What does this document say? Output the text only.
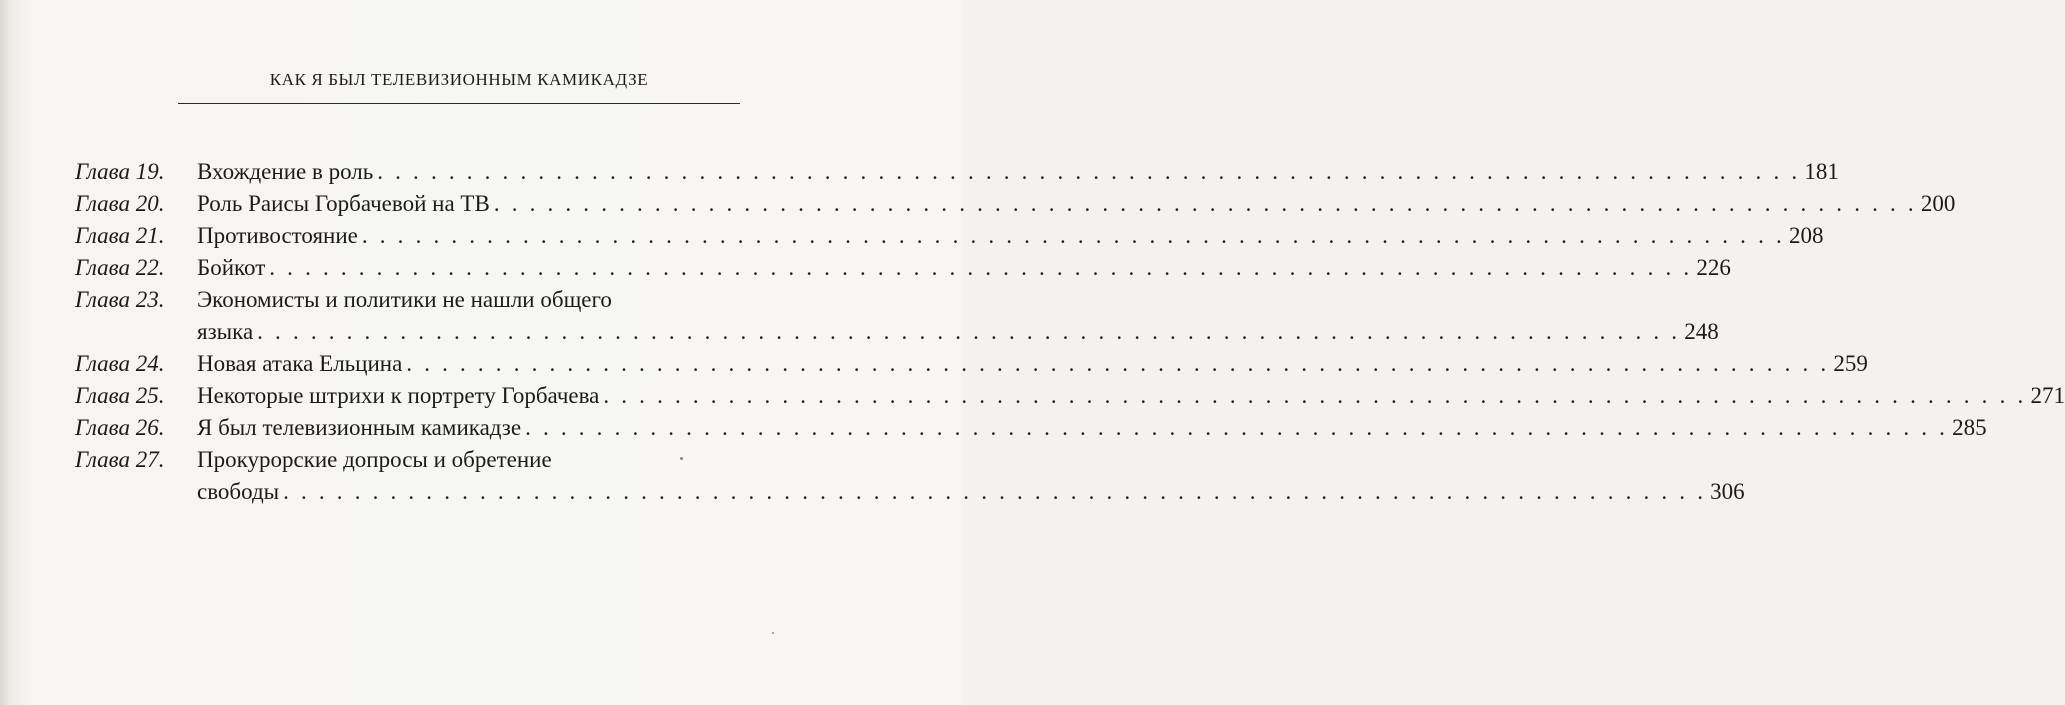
КАК Я БЫЛ ТЕЛЕВИЗИОННЫМ КАМИКАДЗЕ
Глава 19.	Вхождение в роль . . . . . . . . . . . . . . . . . . . . . . . . . . . . . . . . . . . . . . . . . . . . . . . . . . . . . . . . . . . . . . . . . . . . . . . . . . . . . . . . 181
Глава 20.	Роль Раисы Горбачевой на ТВ . . . . . . . . . . . . . . . . . . . . . . . . . . . . . . . . . . . . . . . . . . . . . . . . . . . . . . . . . . . . . . . . . . . . . . . . . . . . . . . . 200
Глава 21.	Противостояние . . . . . . . . . . . . . . . . . . . . . . . . . . . . . . . . . . . . . . . . . . . . . . . . . . . . . . . . . . . . . . . . . . . . . . . . . . . . . . . . 208
Глава 22.	Бойкот . . . . . . . . . . . . . . . . . . . . . . . . . . . . . . . . . . . . . . . . . . . . . . . . . . . . . . . . . . . . . . . . . . . . . . . . . . . . . . . . 226
Глава 23.	Экономисты и политики не нашли общего
языка . . . . . . . . . . . . . . . . . . . . . . . . . . . . . . . . . . . . . . . . . . . . . . . . . . . . . . . . . . . . . . . . . . . . . . . . . . . . . . . . 248
Глава 24.	Новая атака Ельцина . . . . . . . . . . . . . . . . . . . . . . . . . . . . . . . . . . . . . . . . . . . . . . . . . . . . . . . . . . . . . . . . . . . . . . . . . . . . . . . . 259
Глава 25.	Некоторые штрихи к портрету Горбачева . . . . . . . . . . . . . . . . . . . . . . . . . . . . . . . . . . . . . . . . . . . . . . . . . . . . . . . . . . . . . . . . . . . . . . . . . . . . . . . . 271
Глава 26.	Я был телевизионным камикадзе . . . . . . . . . . . . . . . . . . . . . . . . . . . . . . . . . . . . . . . . . . . . . . . . . . . . . . . . . . . . . . . . . . . . . . . . . . . . . . . . 285
Глава 27.	Прокурорские допросы и обретение
свободы . . . . . . . . . . . . . . . . . . . . . . . . . . . . . . . . . . . . . . . . . . . . . . . . . . . . . . . . . . . . . . . . . . . . . . . . . . . . . . . . 306
